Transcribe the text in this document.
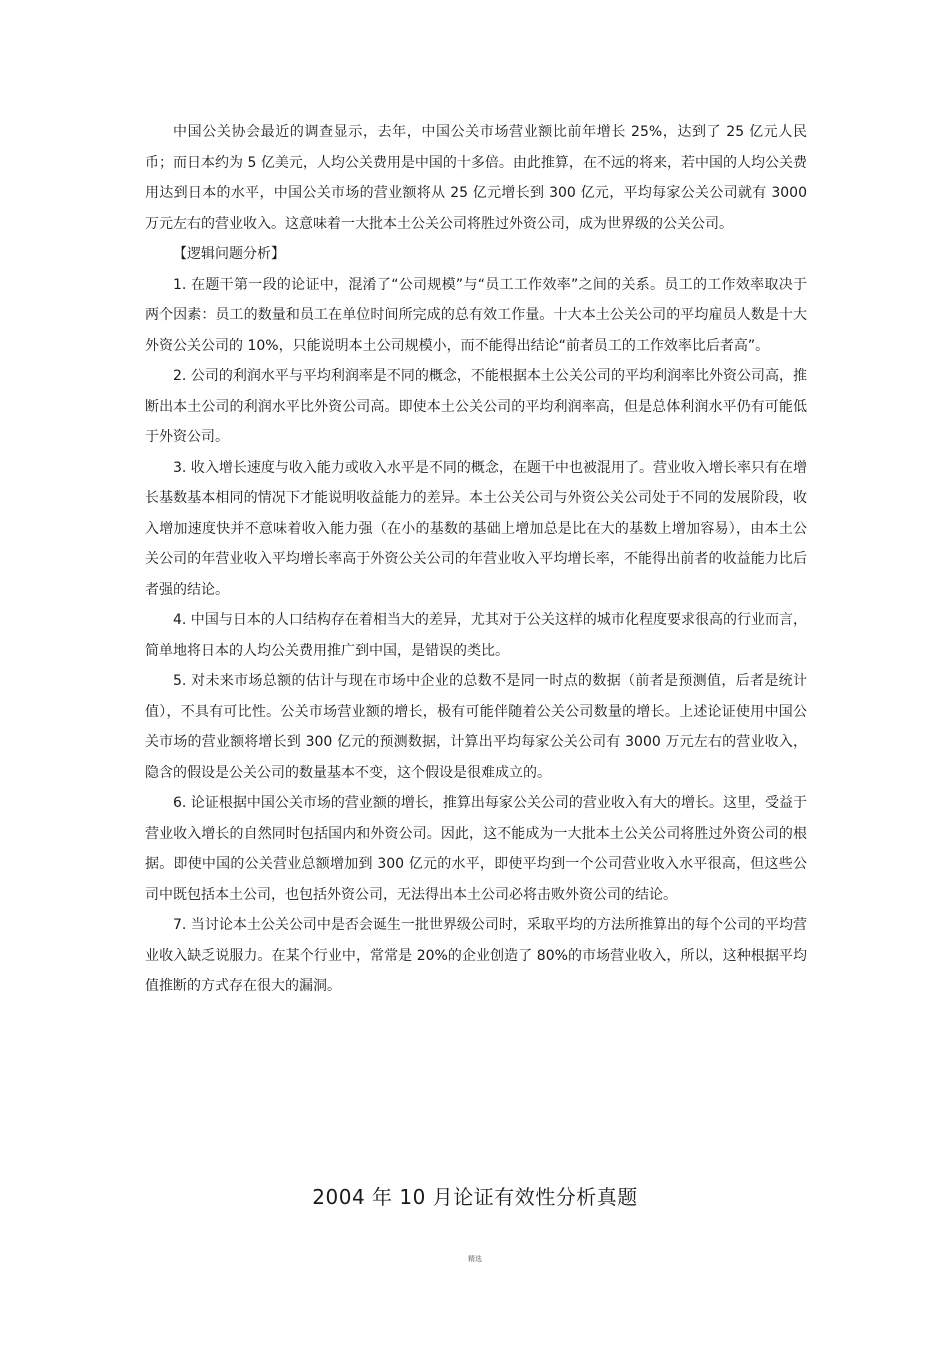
中国公关协会最近的调查显示，去年，中国公关市场营业额比前年增长 25%，达到了 25 亿元人民币；而日本约为 5 亿美元，人均公关费用是中国的十多倍。由此推算，在不远的将来，若中国的人均公关费用达到日本的水平，中国公关市场的营业额将从 25 亿元增长到 300 亿元，平均每家公关公司就有 3000 万元左右的营业收入。这意味着一大批本土公关公司将胜过外资公司，成为世界级的公关公司。

【逻辑问题分析】

1. 在题干第一段的论证中，混淆了“公司规模”与“员工工作效率”之间的关系。员工的工作效率取决于两个因素：员工的数量和员工在单位时间所完成的总有效工作量。十大本土公关公司的平均雇员人数是十大外资公关公司的 10%，只能说明本土公司规模小，而不能得出结论“前者员工的工作效率比后者高”。

2. 公司的利润水平与平均利润率是不同的概念，不能根据本土公关公司的平均利润率比外资公司高，推断出本土公司的利润水平比外资公司高。即使本土公关公司的平均利润率高，但是总体利润水平仍有可能低于外资公司。

3. 收入增长速度与收入能力或收入水平是不同的概念，在题干中也被混用了。营业收入增长率只有在增长基数基本相同的情况下才能说明收益能力的差异。本土公关公司与外资公关公司处于不同的发展阶段，收入增加速度快并不意味着收入能力强（在小的基数的基础上增加总是比在大的基数上增加容易），由本土公关公司的年营业收入平均增长率高于外资公关公司的年营业收入平均增长率，不能得出前者的收益能力比后者强的结论。

4. 中国与日本的人口结构存在着相当大的差异，尤其对于公关这样的城市化程度要求很高的行业而言，简单地将日本的人均公关费用推广到中国，是错误的类比。

5. 对未来市场总额的估计与现在市场中企业的总数不是同一时点的数据（前者是预测值，后者是统计值），不具有可比性。公关市场营业额的增长，极有可能伴随着公关公司数量的增长。上述论证使用中国公关市场的营业额将增长到 300 亿元的预测数据，计算出平均每家公关公司有 3000 万元左右的营业收入，隐含的假设是公关公司的数量基本不变，这个假设是很难成立的。

6. 论证根据中国公关市场的营业额的增长，推算出每家公关公司的营业收入有大的增长。这里，受益于营业收入增长的自然同时包括国内和外资公司。因此，这不能成为一大批本土公关公司将胜过外资公司的根据。即使中国的公关营业总额增加到 300 亿元的水平，即使平均到一个公司营业收入水平很高，但这些公司中既包括本土公司，也包括外资公司，无法得出本土公司必将击败外资公司的结论。

7. 当讨论本土公关公司中是否会诞生一批世界级公司时，采取平均的方法所推算出的每个公司的平均营业收入缺乏说服力。在某个行业中，常常是 20%的企业创造了 80%的市场营业收入，所以，这种根据平均值推断的方式存在很大的漏洞。

2004 年 10 月论证有效性分析真题
精选
